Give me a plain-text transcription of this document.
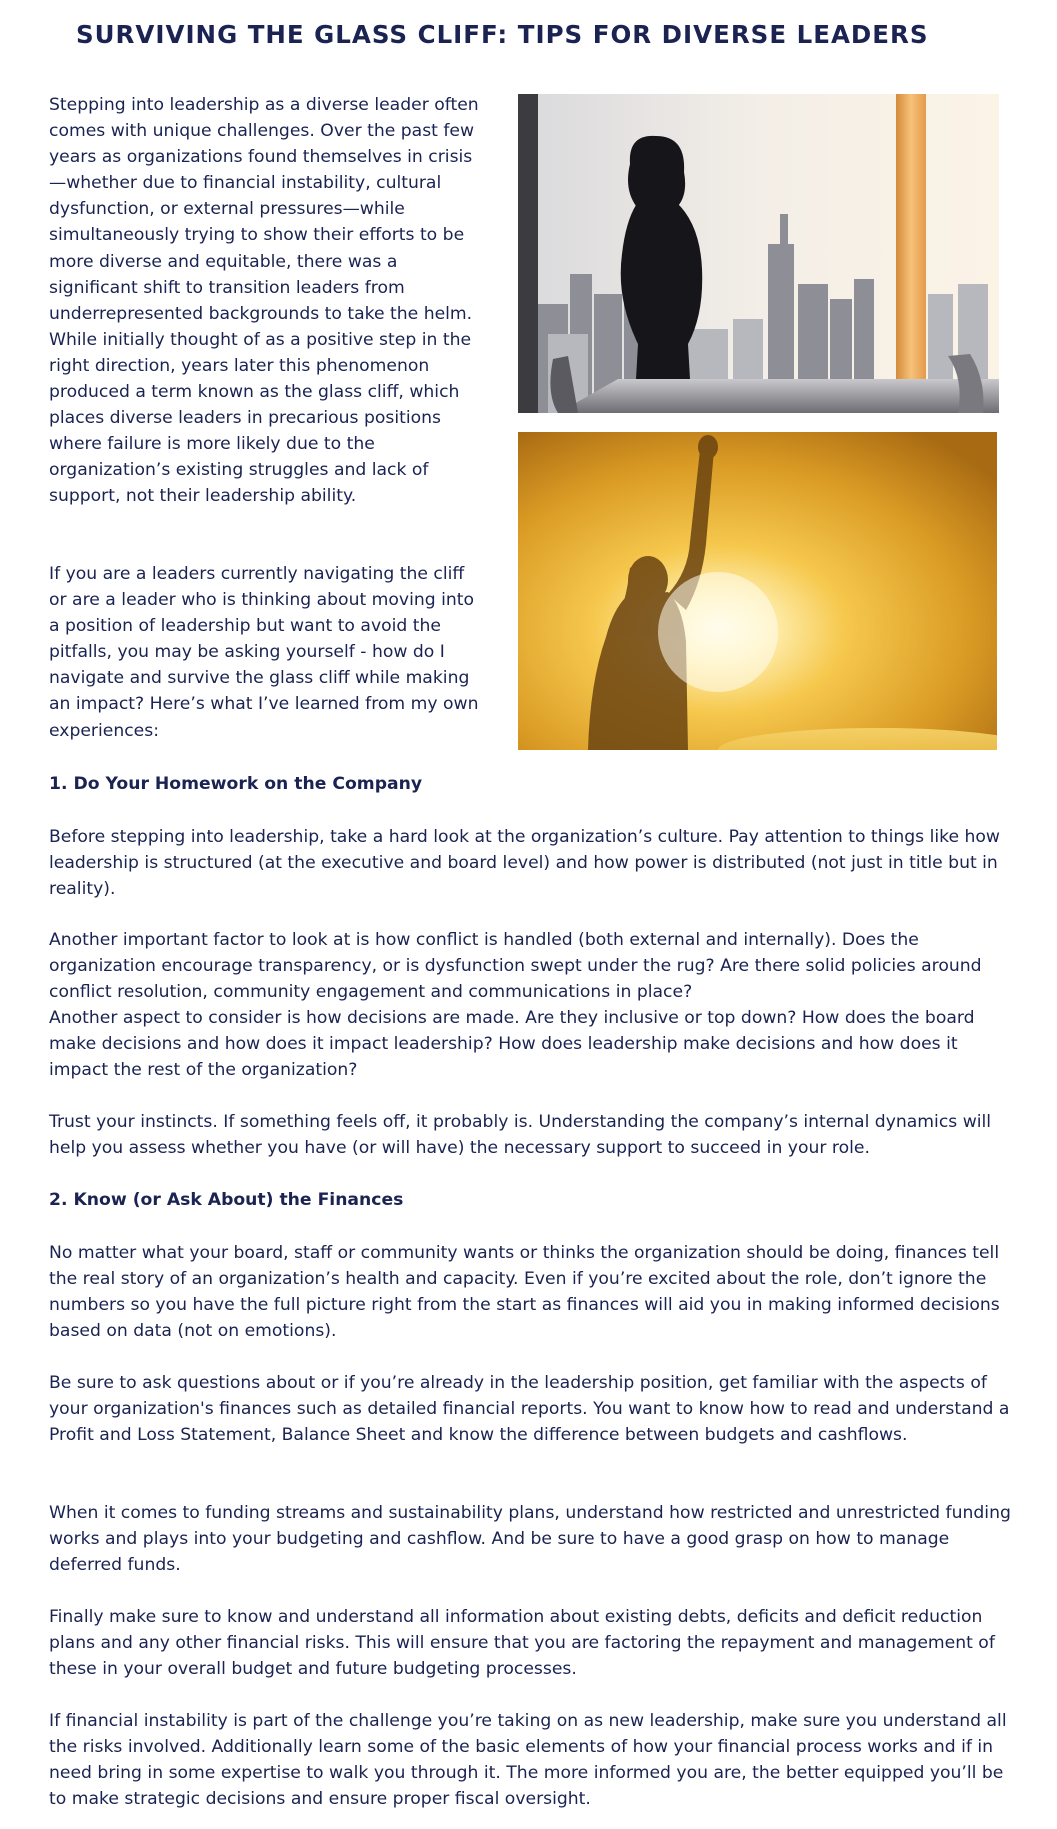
SURVIVING THE GLASS CLIFF: TIPS FOR DIVERSE LEADERS

Stepping into leadership as a diverse leader often comes with unique challenges. Over the past few years as organizations found themselves in crisis—whether due to financial instability, cultural dysfunction, or external pressures—while simultaneously trying to show their efforts to be more diverse and equitable, there was a significant shift to transition leaders from underrepresented backgrounds to take the helm. While initially thought of as a positive step in the right direction, years later this phenomenon produced a term known as the glass cliff, which places diverse leaders in precarious positions where failure is more likely due to the organization’s existing struggles and lack of support, not their leadership ability.

If you are a leaders currently navigating the cliff or are a leader who is thinking about moving into a position of leadership but want to avoid the pitfalls, you may be asking yourself - how do I navigate and survive the glass cliff while making an impact? Here’s what I’ve learned from my own experiences:

1. Do Your Homework on the Company

Before stepping into leadership, take a hard look at the organization’s culture. Pay attention to things like how leadership is structured (at the executive and board level) and how power is distributed (not just in title but in reality).

Another important factor to look at is how conflict is handled (both external and internally). Does the organization encourage transparency, or is dysfunction swept under the rug? Are there solid policies around conflict resolution, community engagement and communications in place?

Another aspect to consider is how decisions are made. Are they inclusive or top down? How does the board make decisions and how does it impact leadership? How does leadership make decisions and how does it impact the rest of the organization?

Trust your instincts. If something feels off, it probably is. Understanding the company’s internal dynamics will help you assess whether you have (or will have) the necessary support to succeed in your role.

2. Know (or Ask About) the Finances

No matter what your board, staff or community wants or thinks the organization should be doing, finances tell the real story of an organization’s health and capacity. Even if you’re excited about the role, don’t ignore the numbers so you have the full picture right from the start as finances will aid you in making informed decisions based on data (not on emotions).

Be sure to ask questions about or if you’re already in the leadership position, get familiar with the aspects of your organization's finances such as detailed financial reports. You want to know how to read and understand a Profit and Loss Statement, Balance Sheet and know the difference between budgets and cashflows.

When it comes to funding streams and sustainability plans, understand how restricted and unrestricted funding works and plays into your budgeting and cashflow. And be sure to have a good grasp on how to manage deferred funds.

Finally make sure to know and understand all information about existing debts, deficits and deficit reduction plans and any other financial risks. This will ensure that you are factoring the repayment and management of these in your overall budget and future budgeting processes.

If financial instability is part of the challenge you’re taking on as new leadership, make sure you understand all the risks involved. Additionally learn some of the basic elements of how your financial process works and if in need bring in some expertise to walk you through it. The more informed you are, the better equipped you’ll be to make strategic decisions and ensure proper fiscal oversight.
